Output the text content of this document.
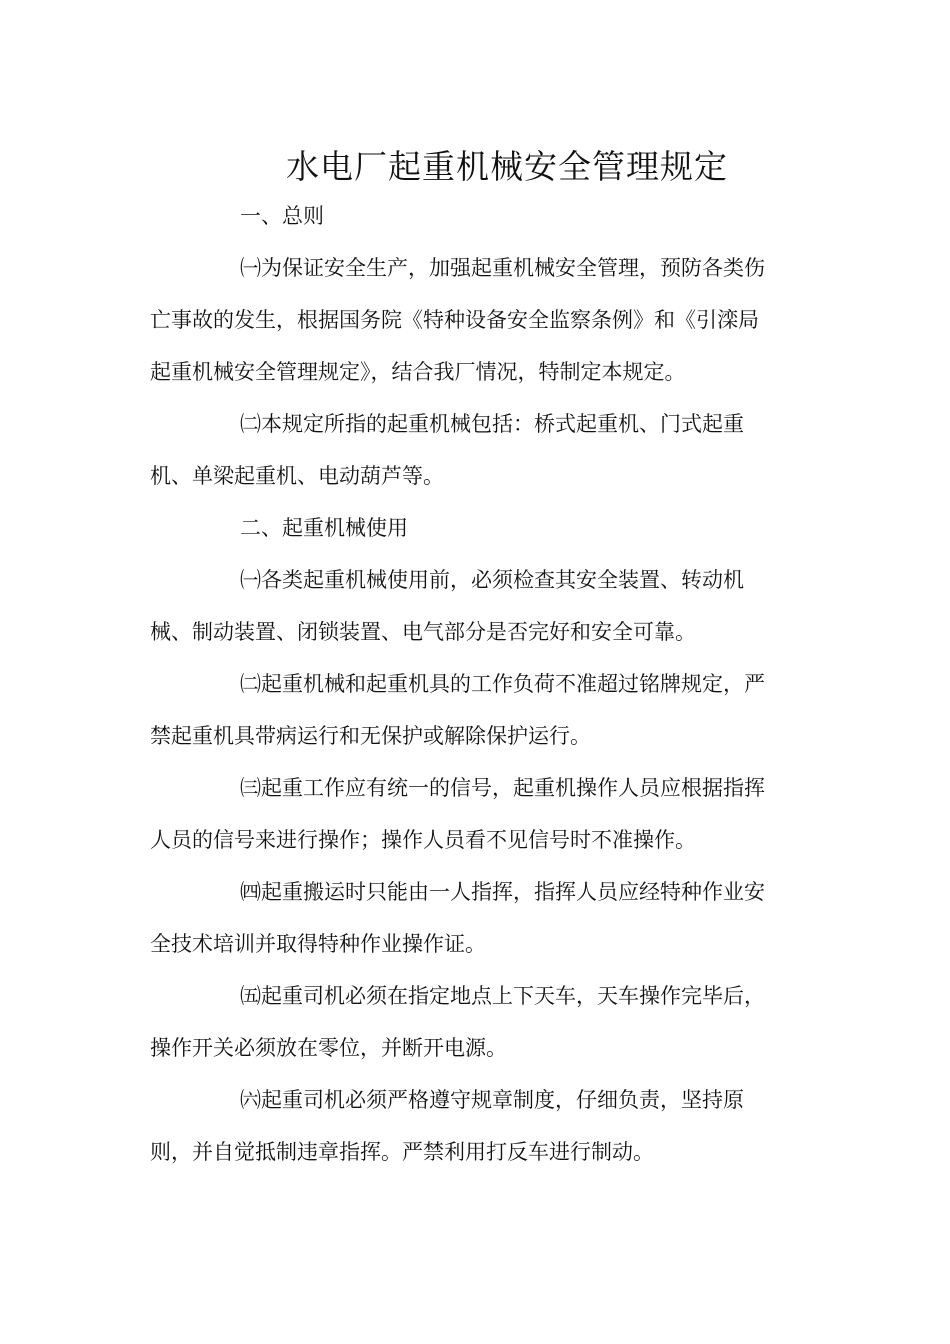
水电厂起重机械安全管理规定
一、总则

㈠为保证安全生产，加强起重机械安全管理，预防各类伤
亡事故的发生，根据国务院《特种设备安全监察条例》和《引滦局
起重机械安全管理规定》，结合我厂情况，特制定本规定。

㈡本规定所指的起重机械包括：桥式起重机、门式起重
机、单梁起重机、电动葫芦等。

二、起重机械使用

㈠各类起重机械使用前，必须检查其安全装置、转动机
械、制动装置、闭锁装置、电气部分是否完好和安全可靠。

㈡起重机械和起重机具的工作负荷不准超过铭牌规定，严
禁起重机具带病运行和无保护或解除保护运行。

㈢起重工作应有统一的信号，起重机操作人员应根据指挥
人员的信号来进行操作；操作人员看不见信号时不准操作。

㈣起重搬运时只能由一人指挥，指挥人员应经特种作业安
全技术培训并取得特种作业操作证。

㈤起重司机必须在指定地点上下天车，天车操作完毕后，
操作开关必须放在零位，并断开电源。

㈥起重司机必须严格遵守规章制度，仔细负责，坚持原
则，并自觉抵制违章指挥。严禁利用打反车进行制动。
